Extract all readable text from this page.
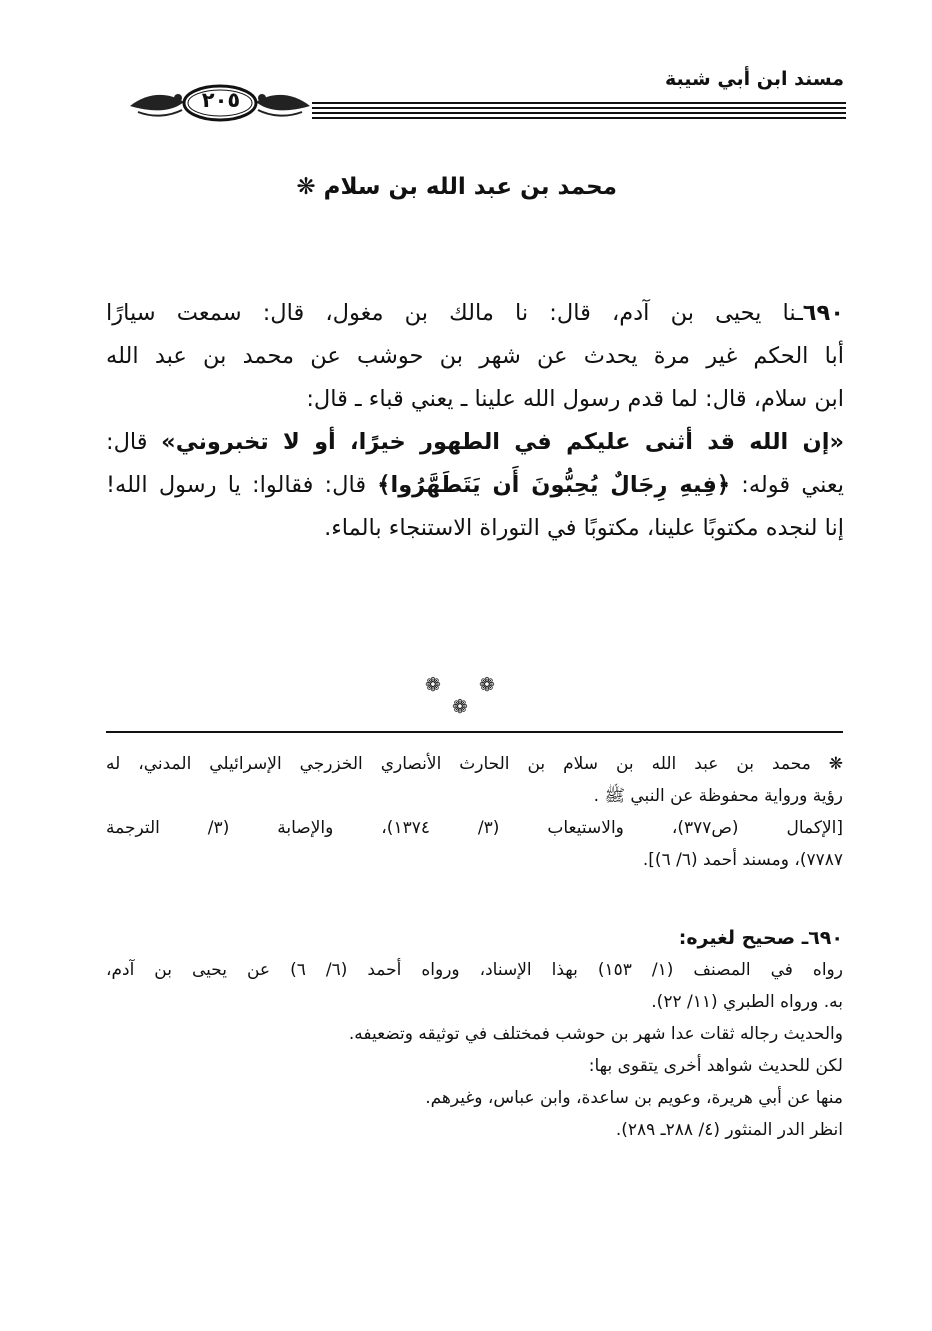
مسند ابن أبي شيبة
٢٠٥
محمد بن عبد الله بن سلام ❋

٦٩٠ـنا يحيى بن آدم، قال: نا مالك بن مغول، قال: سمعت سيارًا

أبا الحكم غير مرة يحدث عن شهر بن حوشب عن محمد بن عبد الله

ابن سلام، قال: لما قدم رسول الله علينا ـ يعني قباء ـ قال:

«إن الله قد أثنى عليكم في الطهور خيرًا، أو لا تخبروني» قال:

يعني قوله: ﴿فِيهِ رِجَالٌ يُحِبُّونَ أَن يَتَطَهَّرُوا﴾ قال: فقالوا: يا رسول الله!

إنا لنجده مكتوبًا علينا، مكتوبًا في التوراة الاستنجاء بالماء.

❁ ❁ ❁

❋ محمد بن عبد الله بن سلام بن الحارث الأنصاري الخزرجي الإسرائيلي المدني، له

رؤية ورواية محفوظة عن النبي ﷺ .

[الإكمال (ص٣٧٧)، والاستيعاب (٣/ ١٣٧٤)، والإصابة (٣/ الترجمة

٧٧٨٧)، ومسند أحمد (٦/ ٦)].

٦٩٠ـ صحيح لغيره:

رواه في المصنف (١/ ١٥٣) بهذا الإسناد، ورواه أحمد (٦/ ٦) عن يحيى بن آدم،

به. ورواه الطبري (١١/ ٢٢).

والحديث رجاله ثقات عدا شهر بن حوشب فمختلف في توثيقه وتضعيفه.

لكن للحديث شواهد أخرى يتقوى بها:

منها عن أبي هريرة، وعويم بن ساعدة، وابن عباس، وغيرهم.

انظر الدر المنثور (٤/ ٢٨٨ـ ٢٨٩).
